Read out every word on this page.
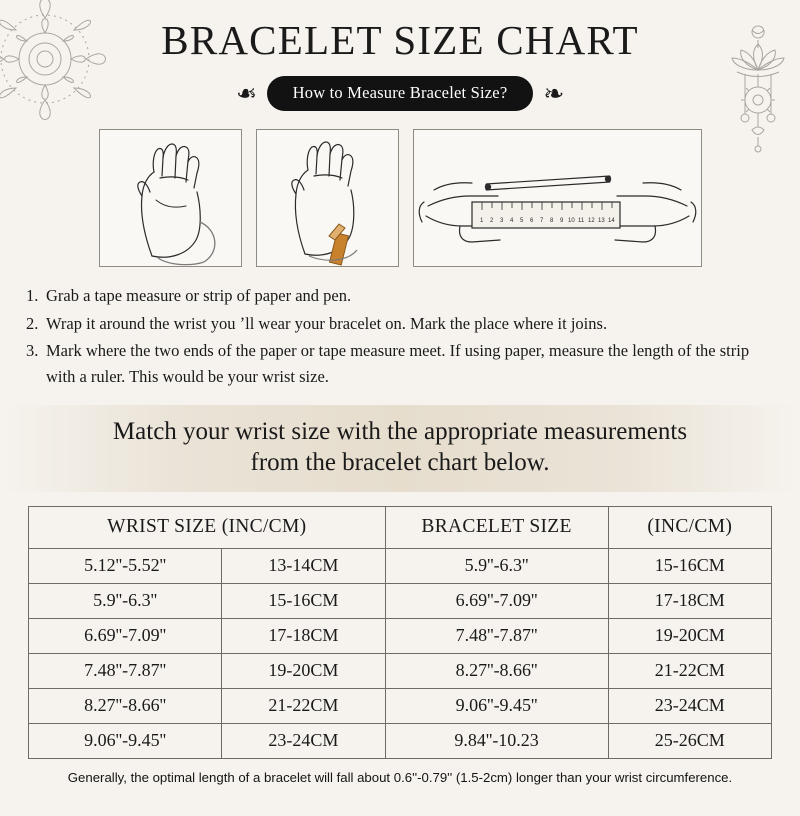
BRACELET SIZE CHART
❧	How to Measure Bracelet Size?	❧
1 2 3 4 5 6 7 8 9 10 11 12 13 14
1. Grab a tape measure or strip of paper and pen.
2. Wrap it around the wrist you ʼll wear your bracelet on. Mark the place where it joins.
3. Mark where the two ends of the paper or tape measure meet. If using paper, measure the length of the strip with a ruler. This would be your wrist size.
Match your wrist size with the appropriate measurements
from the bracelet chart below.
WRIST SIZE (INC/CM)		BRACELET SIZE	(INC/CM)
5.12''-5.52''	13-14CM	5.9''-6.3''	15-16CM
5.9''-6.3''	15-16CM	6.69''-7.09''	17-18CM
6.69''-7.09''	17-18CM	7.48''-7.87''	19-20CM
7.48''-7.87''	19-20CM	8.27''-8.66''	21-22CM
8.27''-8.66''	21-22CM	9.06''-9.45''	23-24CM
9.06''-9.45''	23-24CM	9.84''-10.23	25-26CM
Generally, the optimal length of a bracelet will fall about 0.6''-0.79'' (1.5-2cm) longer than your wrist circumference.
